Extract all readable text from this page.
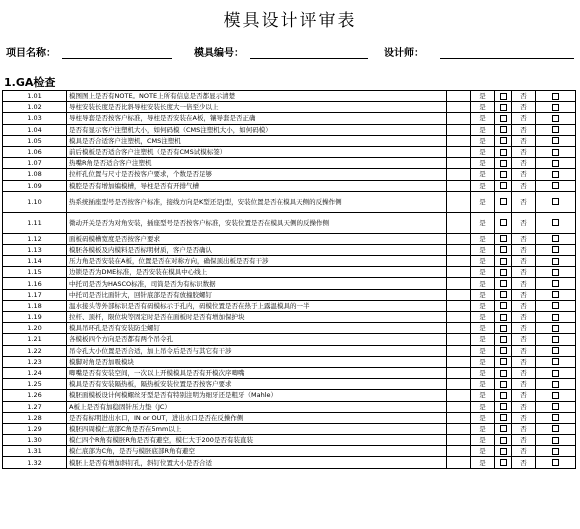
模具设计评审表
项目名称：	模具编号：	设计师：
1.GA检查
1.01	模图图上是否有NOTE。NOTE上所有信息是否都显示清楚		是		否	
1.02	导柱安装长度是否比斜导柱安装长度大一倍至少以上		是		否	
1.03	导柱导套是否按客户标准，导柱是否安装在A板，镶导套是否正确		是		否	
1.04	是否有显示客户注塑机大小，如何码模（CMS注塑机大小，如何码模）		是		否	
1.05	模具是否合适客户注塑机，CMS注塑机		是		否	
1.06	前后模板是否适合客户注塑机（是否有CMS试模标签）		是		否	
1.07	热嘴R角是否适合客户注塑机		是		否	
1.08	拉杆孔位置与尺寸是否按客户要求，个数是否足够		是		否	
1.09	模腔是否有增加编模槽，导柱是否有开排气槽		是		否	
1.10	热系统插座型号是否按客户标准，接线方向是K型还是J型，安装位置是否在模具天侧的反操作侧		是		否	
1.11	微动开关是否为对角安装，插座型号是否按客户标准，安装位置是否在模具天侧的反操作侧		是		否	
1.12	面板码模槽宽度是否按客户要求		是		否	
1.13	模胚各模板及内模料是否标明材质，客户是否确认		是		否	
1.14	压力角是否安装在A板，位置是否在对称方向，确保顶出板是否有干涉		是		否	
1.15	边锁是否为DME标准，是否安装在模具中心线上		是		否	
1.16	中托司是否为HASCO标准，司筒是否为有标识数据		是		否	
1.17	中托司是否比面针大，回针底部是否有放撞胶螺钉		是		否	
1.18	温水接头等外部标识是否有码模标示于孔内，码模位置是否在热于上露温模具的一半		是		否	
1.19	拉杆、顶杆，限位块等固定时是否在面板时是否有增加保护块		是		否	
1.20	模具吊环孔是否有安装防尘螺钉		是		否	
1.21	各模板四个方向是否都有两个吊令孔		是		否	
1.22	吊令孔大小位置是否合适，加上吊令后是否与其它有干涉		是		否	
1.23	模脚对角是否加吸模块		是		否	
1.24	唧嘴是否有安装空间，一次以上开模模具是否有开模次序唧嘴		是		否	
1.25	模具是否有安装隔热板，隔热板安装位置是否按客户要求		是		否	
1.26	模胚面模板设计何模螺丝牙型是否有特别注明为细牙还是粗牙（Mahle）		是		否	
1.27	A板上是否有加稳固针压力垫（JC）		是		否	
1.28	是否有标明进出水口，IN or OUT，进出水口是否在反操作侧		是		否	
1.29	模胚四周模仁底部C角是否在5mm以上		是		否	
1.30	模仁四个R角有模胚R角是否有避空，模仁大于200是否有装直装		是		否	
1.31	模仁底部为C角，是否与模胚底部R角有避空		是		否	
1.32	模胚上是否有增加斜钉孔，斜钉位置大小是否合适		是		否	
